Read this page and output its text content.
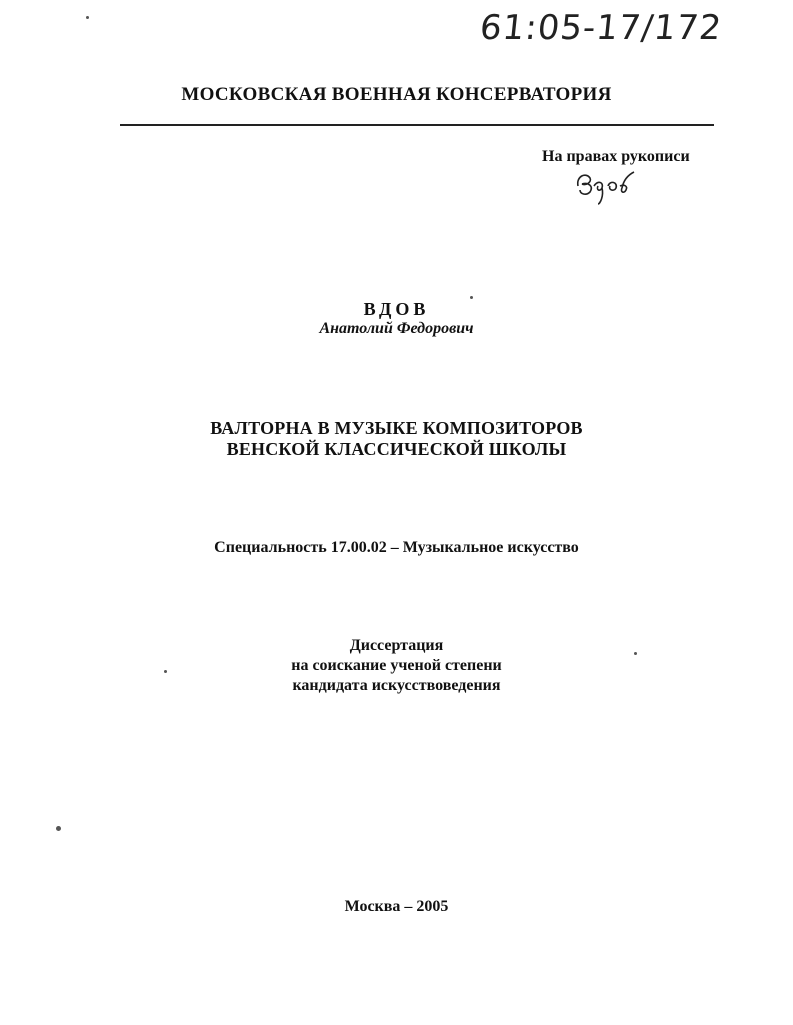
61:05-17/172
МОСКОВСКАЯ ВОЕННАЯ КОНСЕРВАТОРИЯ
На правах рукописи
ВДОВ
Анатолий Федорович
ВАЛТОРНА В МУЗЫКЕ КОМПОЗИТОРОВ
ВЕНСКОЙ КЛАССИЧЕСКОЙ ШКОЛЫ
Специальность 17.00.02 – Музыкальное искусство
Диссертация
на соискание ученой степени
кандидата искусствоведения
Москва – 2005
